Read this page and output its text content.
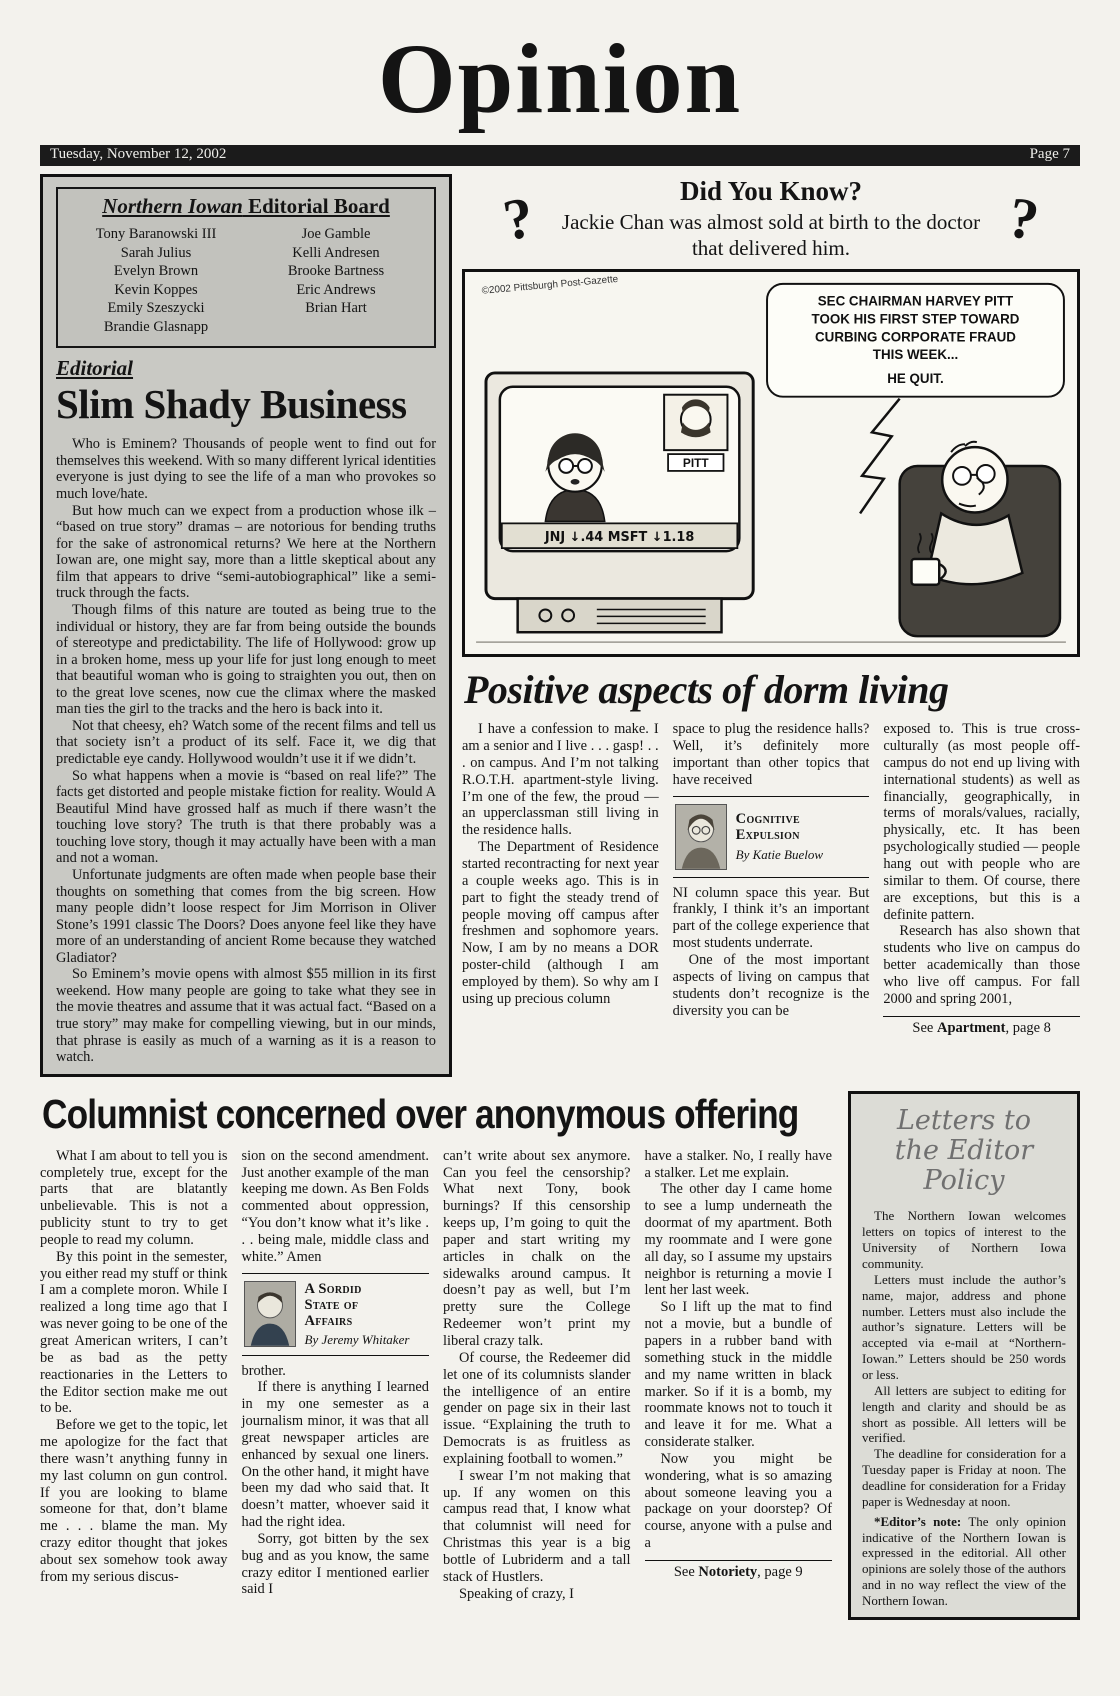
Opinion
Tuesday, November 12, 2002	Page 7
Northern Iowan Editorial Board
Tony Baranowski III
Sarah Julius
Evelyn Brown
Kevin Koppes
Emily Szeszycki
Brandie Glasnapp
Joe Gamble
Kelli Andresen
Brooke Bartness
Eric Andrews
Brian Hart
Editorial
Slim Shady Business

Who is Eminem? Thousands of people went to find out for themselves this weekend. With so many different lyrical identities everyone is just dying to see the life of a man who provokes so much love/hate.

But how much can we expect from a production whose ilk – “based on true story” dramas – are notorious for bending truths for the sake of astronomical returns? We here at the Northern Iowan are, one might say, more than a little skeptical about any film that appears to drive “semi-autobiographical” like a semi-truck through the facts.

Though films of this nature are touted as being true to the individual or history, they are far from being outside the bounds of stereotype and predictability. The life of Hollywood: grow up in a broken home, mess up your life for just long enough to meet that beautiful woman who is going to straighten you out, then on to the great love scenes, now cue the climax where the masked man ties the girl to the tracks and the hero is back into it.

Not that cheesy, eh? Watch some of the recent films and tell us that society isn’t a product of its self. Face it, we dig that predictable eye candy. Hollywood wouldn’t use it if we didn’t.

So what happens when a movie is “based on real life?” The facts get distorted and people mistake fiction for reality. Would A Beautiful Mind have grossed half as much if there wasn’t the touching love story? The truth is that there probably was a touching love story, though it may actually have been with a man and not a woman.

Unfortunate judgments are often made when people base their thoughts on something that comes from the big screen. How many people didn’t loose respect for Jim Morrison in Oliver Stone’s 1991 classic The Doors? Does anyone feel like they have more of an understanding of ancient Rome because they watched Gladiator?

So Eminem’s movie opens with almost $55 million in its first weekend. How many people are going to take what they see in the movie theatres and assume that it was actual fact. “Based on a true story” may make for compelling viewing, but in our minds, that phrase is easily as much of a warning as it is a reason to watch.

?	Did You Know?
Jackie Chan was almost sold at birth to the doctor that delivered him.	?
©2002 Pittsburgh Post-Gazette
PITT
JNJ ↓.44 MSFT ↓1.18
SEC CHAIRMAN HARVEY PITT
TOOK HIS FIRST STEP TOWARD
CURBING CORPORATE FRAUD
THIS WEEK...
HE QUIT.
Positive aspects of dorm living

I have a confession to make. I am a senior and I live . . . gasp! . . . on campus. And I’m not talking R.O.T.H. apartment-style living. I’m one of the few, the proud — an upperclassman still living in the residence halls.

The Department of Residence started recontracting for next year a couple weeks ago. This is in part to fight the steady trend of people moving off campus after freshmen and sophomore years. Now, I am by no means a DOR poster-child (although I am employed by them). So why am I using up precious column

space to plug the residence halls? Well, it’s definitely more important than other topics that have received

Cognitive
Expulsion
By Katie Buelow

NI column space this year. But frankly, I think it’s an important part of the college experience that most students underrate.

One of the most important aspects of living on campus that students don’t recognize is the diversity you can be

exposed to. This is true cross-culturally (as most people off-campus do not end up living with international students) as well as financially, geographically, in terms of morals/values, racially, physically, etc. It has been psychologically studied — people hang out with people who are similar to them. Of course, there are exceptions, but this is a definite pattern.

Research has also shown that students who live on campus do better academically than those who live off campus. For fall 2000 and spring 2001,

See Apartment, page 8
Columnist concerned over anonymous offering

What I am about to tell you is completely true, except for the parts that are blatantly unbelievable. This is not a publicity stunt to try to get people to read my column.

By this point in the semester, you either read my stuff or think I am a complete moron. While I realized a long time ago that I was never going to be one of the great American writers, I can’t be as bad as the petty reactionaries in the Letters to the Editor section make me out to be.

Before we get to the topic, let me apologize for the fact that there wasn’t anything funny in my last column on gun control. If you are looking to blame someone for that, don’t blame me . . . blame the man. My crazy editor thought that jokes about sex somehow took away from my serious discus-

sion on the second amendment. Just another example of the man keeping me down. As Ben Folds commented about oppression, “You don’t know what it’s like . . . being male, middle class and white.” Amen

A Sordid
State of
Affairs
By Jeremy Whitaker

brother.

If there is anything I learned in my one semester as a journalism minor, it was that all great newspaper articles are enhanced by sexual one liners. On the other hand, it might have been my dad who said that. It doesn’t matter, whoever said it had the right idea.

Sorry, got bitten by the sex bug and as you know, the same crazy editor I mentioned earlier said I

can’t write about sex anymore. Can you feel the censorship? What next Tony, book burnings? If this censorship keeps up, I’m going to quit the paper and start writing my articles in chalk on the sidewalks around campus. It doesn’t pay as well, but I’m pretty sure the College Redeemer won’t print my liberal crazy talk.

Of course, the Redeemer did let one of its columnists slander the intelligence of an entire gender on page six in their last issue. “Explaining the truth to Democrats is as fruitless as explaining football to women.”

I swear I’m not making that up. If any women on this campus read that, I know what that columnist will need for Christmas this year is a big bottle of Lubriderm and a tall stack of Hustlers.

Speaking of crazy, I

have a stalker. No, I really have a stalker. Let me explain.

The other day I came home to see a lump underneath the doormat of my apartment. Both my roommate and I were gone all day, so I assume my upstairs neighbor is returning a movie I lent her last week.

So I lift up the mat to find not a movie, but a bundle of papers in a rubber band with something stuck in the middle and my name written in black marker. So if it is a bomb, my roommate knows not to touch it and leave it for me. What a considerate stalker.

Now you might be wondering, what is so amazing about someone leaving you a package on your doorstep? Of course, anyone with a pulse and a

See Notoriety, page 9
Letters to
the Editor
Policy

The Northern Iowan welcomes letters on topics of interest to the University of Northern Iowa community.

Letters must include the author’s name, major, address and phone number. Letters must also include the author’s signature. Letters will be accepted via e-mail at “Northern-Iowan.” Letters should be 250 words or less.

All letters are subject to editing for length and clarity and should be as short as possible. All letters will be verified.

The deadline for consideration for a Tuesday paper is Friday at noon. The deadline for consideration for a Friday paper is Wednesday at noon.

*Editor’s note: The only opinion indicative of the Northern Iowan is expressed in the editorial. All other opinions are solely those of the authors and in no way reflect the view of the Northern Iowan.
